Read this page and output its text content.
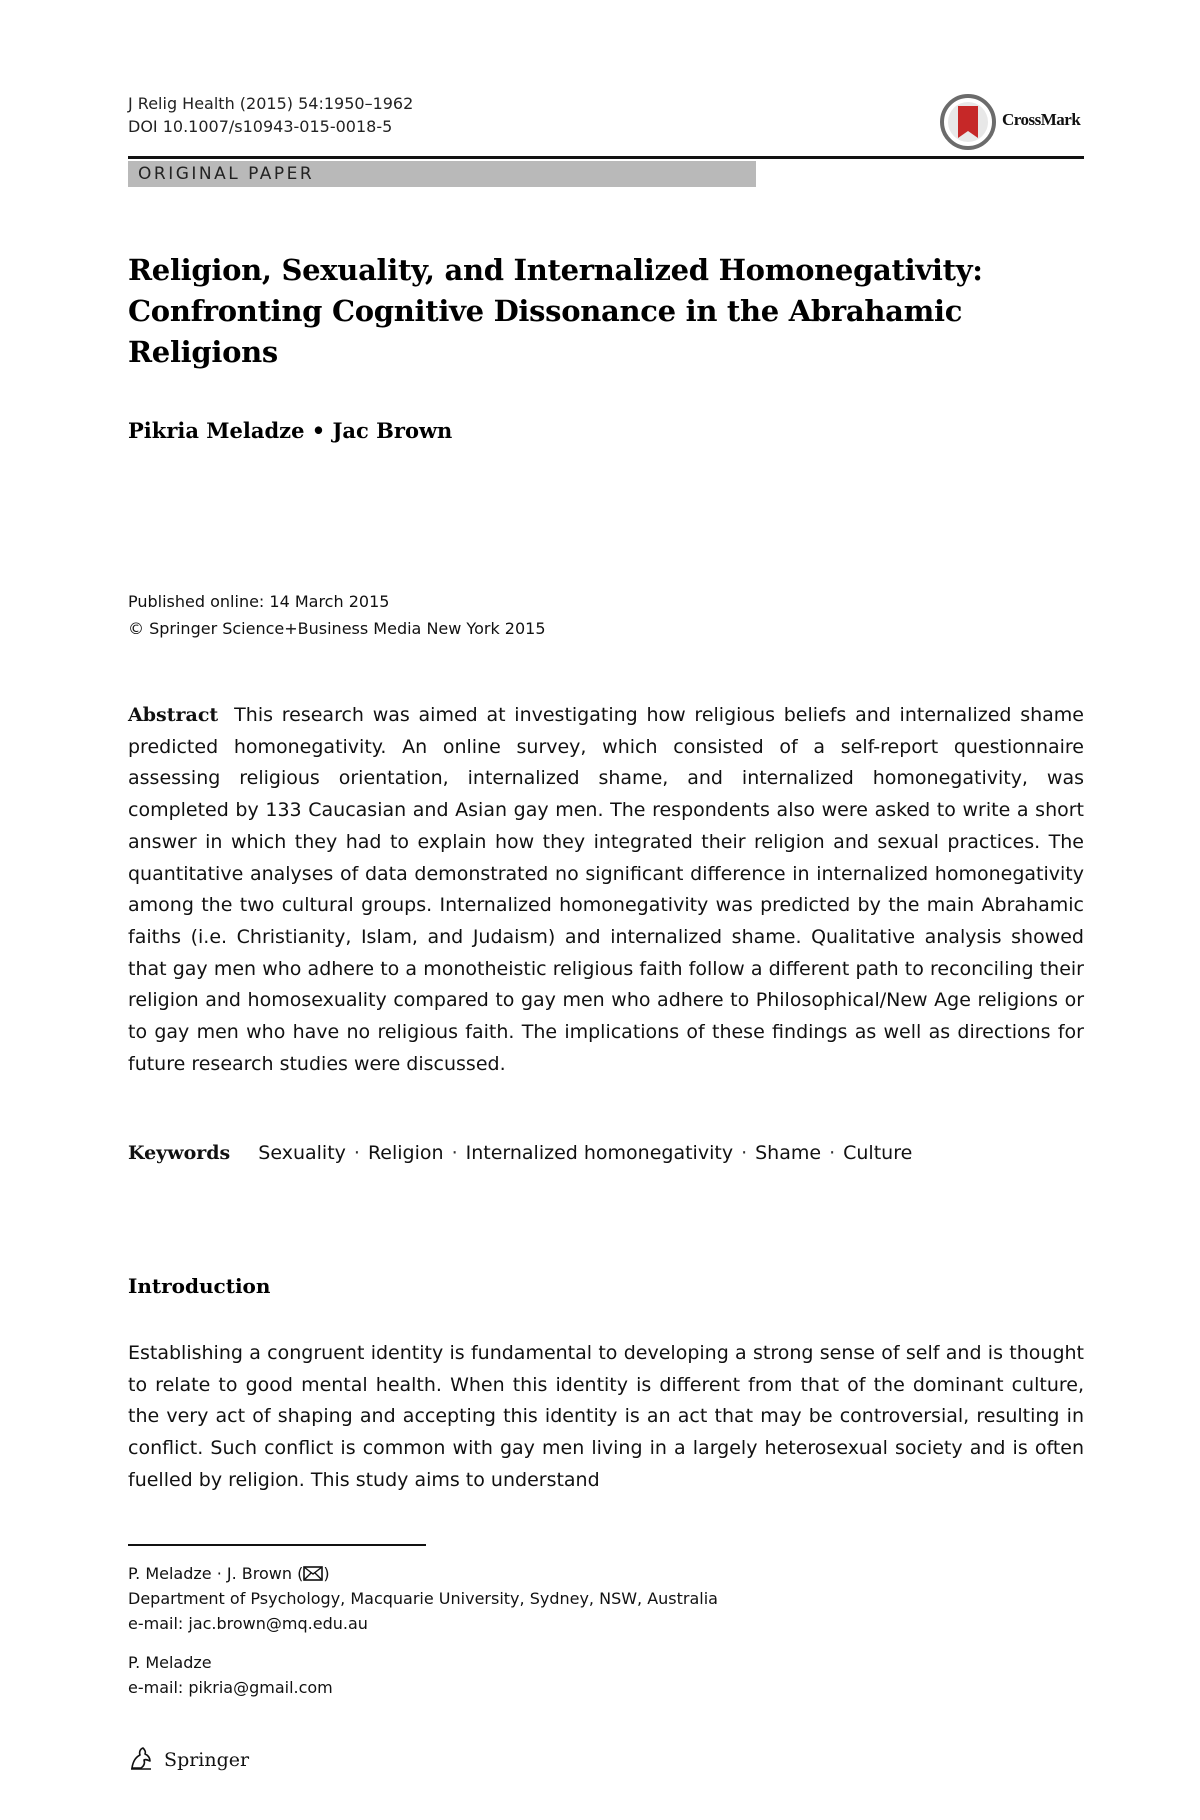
J Relig Health (2015) 54:1950–1962
DOI 10.1007/s10943-015-0018-5	CrossMark
ORIGINAL PAPER
Religion, Sexuality, and Internalized Homonegativity:
Confronting Cognitive Dissonance in the Abrahamic
Religions
Pikria Meladze • Jac Brown
Published online: 14 March 2015
© Springer Science+Business Media New York 2015

Abstract This research was aimed at investigating how religious beliefs and internalized shame predicted homonegativity. An online survey, which consisted of a self-report questionnaire assessing religious orientation, internalized shame, and internalized homonegativity, was completed by 133 Caucasian and Asian gay men. The respondents also were asked to write a short answer in which they had to explain how they integrated their religion and sexual practices. The quantitative analyses of data demonstrated no significant difference in internalized homonegativity among the two cultural groups. Internalized homonegativity was predicted by the main Abrahamic faiths (i.e. Christianity, Islam, and Judaism) and internalized shame. Qualitative analysis showed that gay men who adhere to a monotheistic religious faith follow a different path to reconciling their religion and homosexuality compared to gay men who adhere to Philosophical/New Age religions or to gay men who have no religious faith. The implications of these findings as well as directions for future research studies were discussed.

Keywords Sexuality · Religion · Internalized homonegativity · Shame · Culture
Introduction

Establishing a congruent identity is fundamental to developing a strong sense of self and is thought to relate to good mental health. When this identity is different from that of the dominant culture, the very act of shaping and accepting this identity is an act that may be controversial, resulting in conflict. Such conflict is common with gay men living in a largely heterosexual society and is often fuelled by religion. This study aims to understand

P. Meladze · J. Brown ( )
Department of Psychology, Macquarie University, Sydney, NSW, Australia
e-mail: jac.brown@mq.edu.au
P. Meladze
e-mail: pikria@gmail.com
Springer
